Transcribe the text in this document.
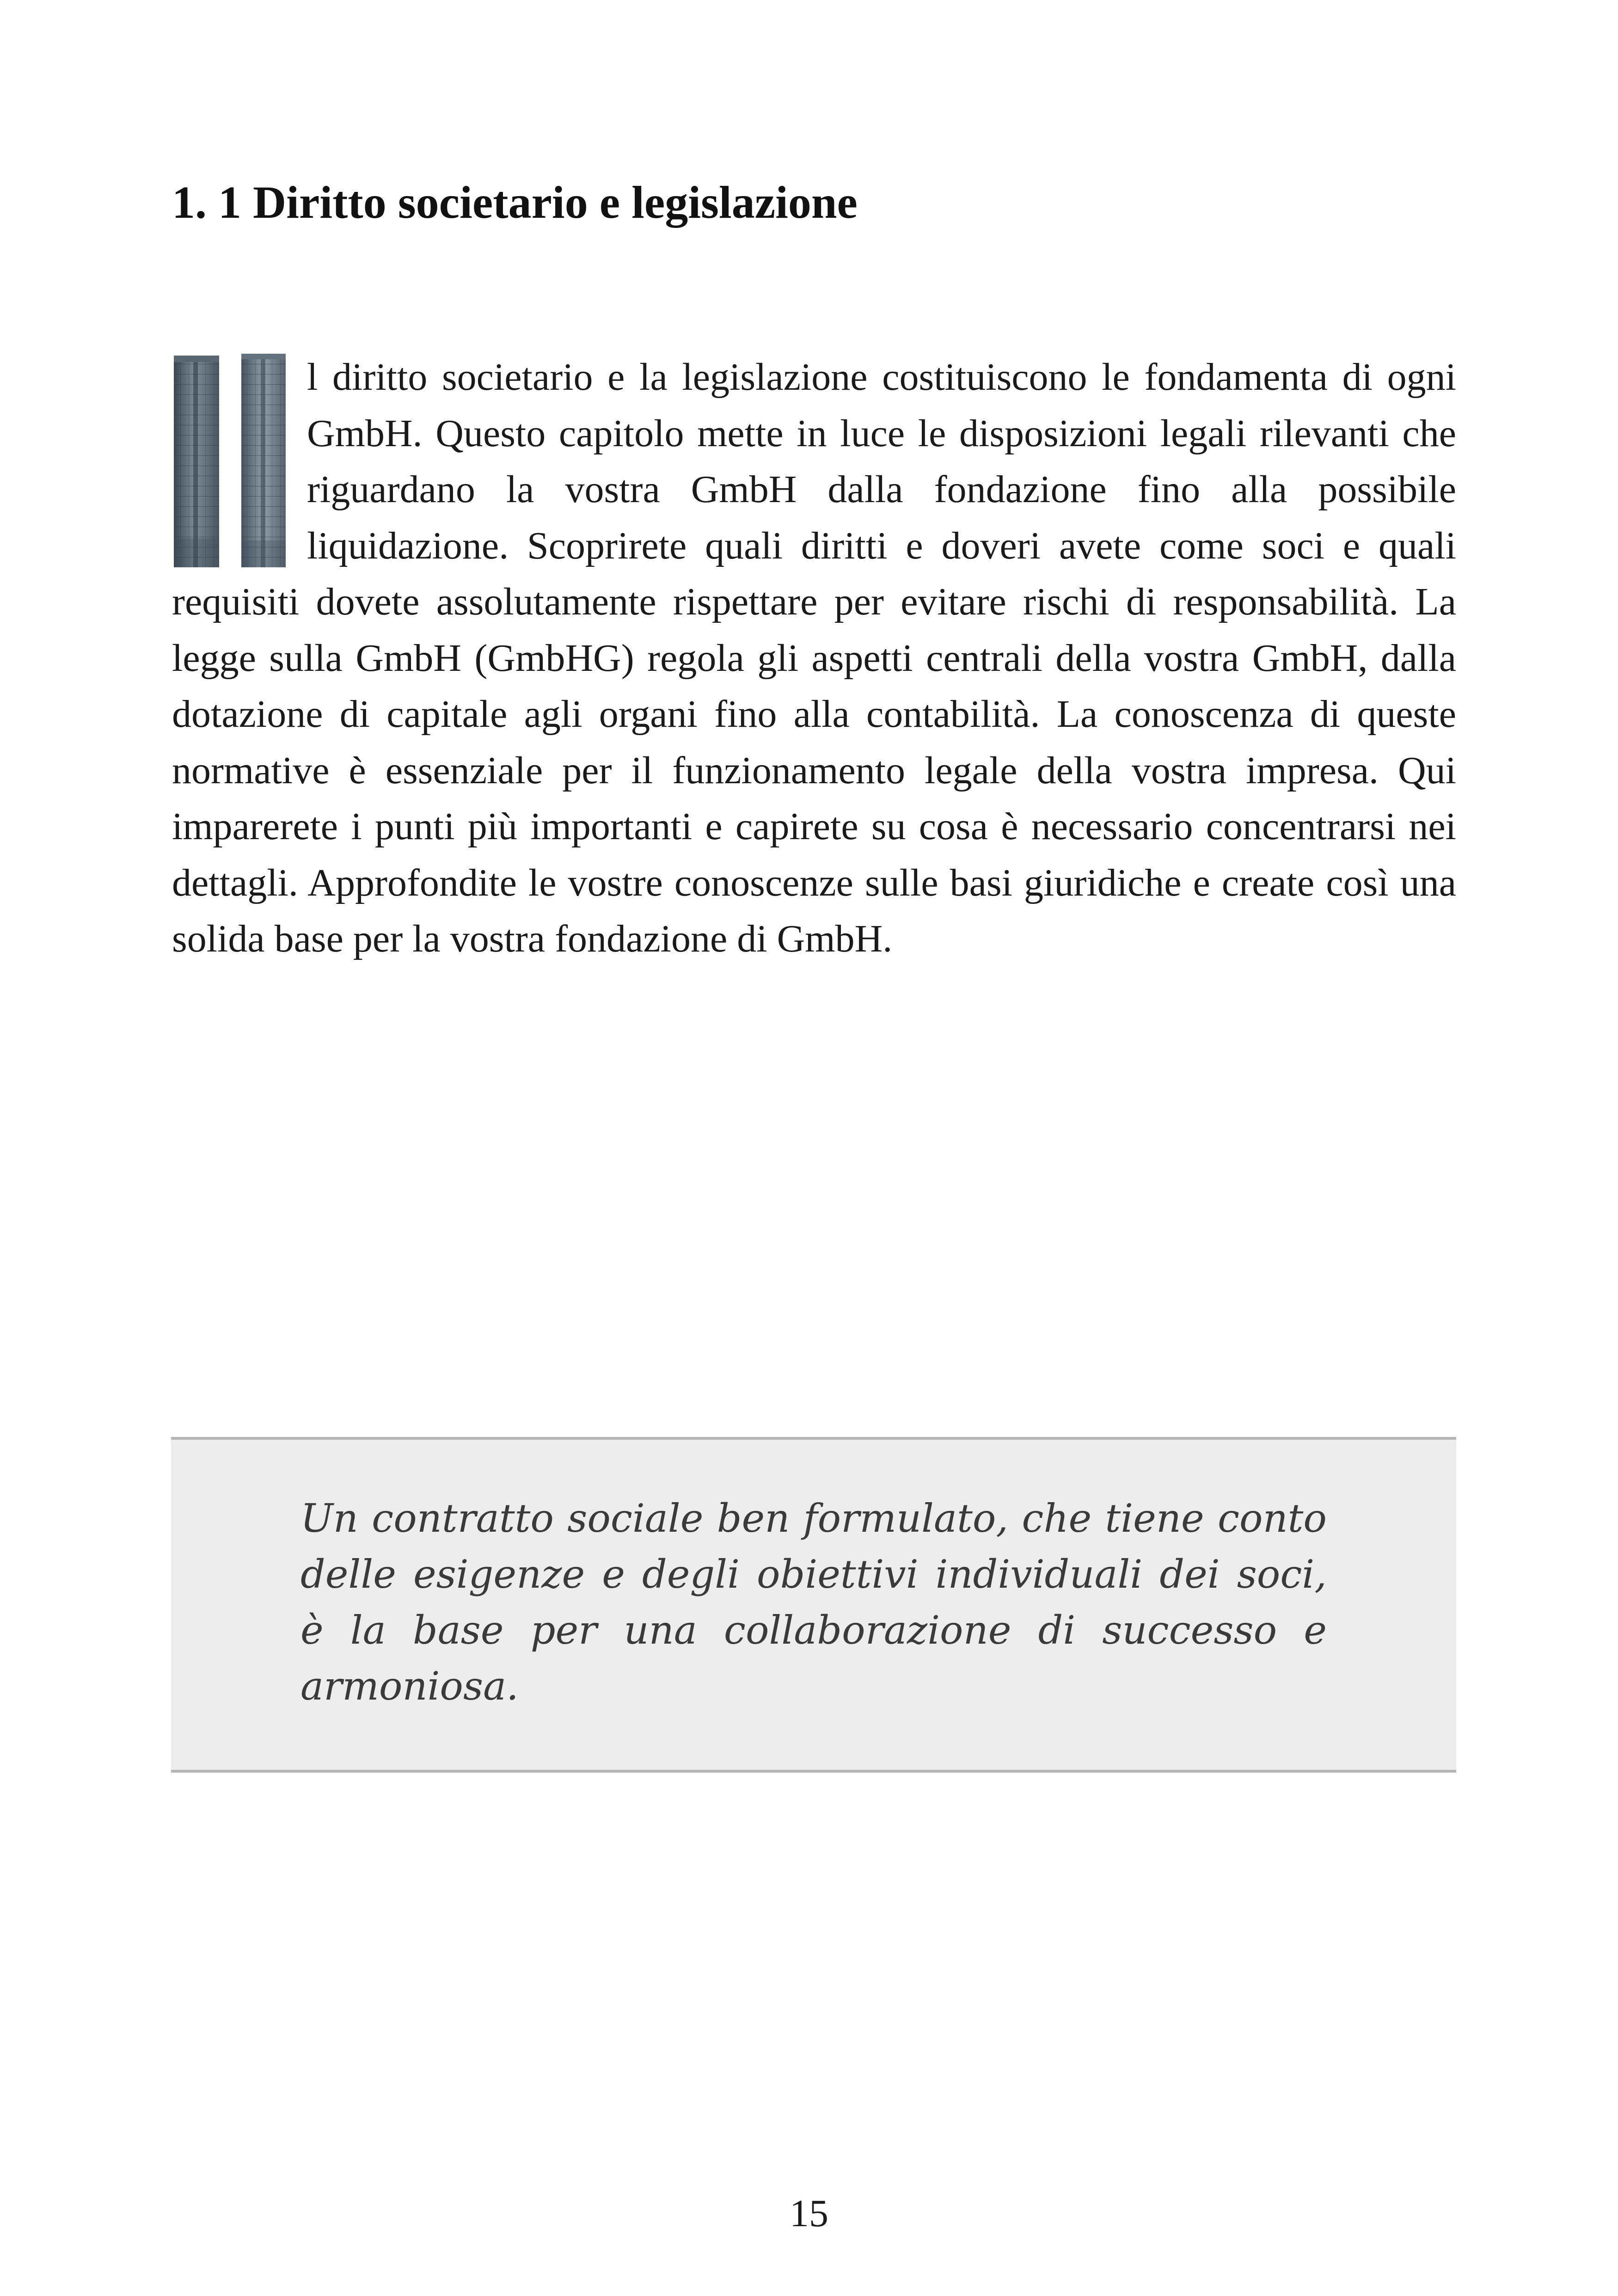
1. 1 Diritto societario e legislazione

l diritto societario e la legislazione costituiscono le fondamenta di ogni GmbH. Questo capitolo mette in luce le disposizioni legali rilevanti che riguardano la vostra GmbH dalla fondazione fino alla possibile liquidazione. Scoprirete quali diritti e doveri avete come soci e quali requisiti dovete assolutamente rispettare per evitare rischi di responsabilità. La legge sulla GmbH (GmbHG) regola gli aspetti centrali della vostra GmbH, dalla dotazione di capitale agli organi fino alla contabilità. La conoscenza di queste normative è essenziale per il funzionamento legale della vostra impresa. Qui imparerete i punti più importanti e capirete su cosa è necessario concentrarsi nei dettagli. Approfondite le vostre conoscenze sulle basi giuridiche e create così una solida base per la vostra fondazione di GmbH.

Un contratto sociale ben formulato, che tiene conto delle esigenze e degli obiettivi individuali dei soci, è la base per una collaborazione di successo e armoniosa.

15
